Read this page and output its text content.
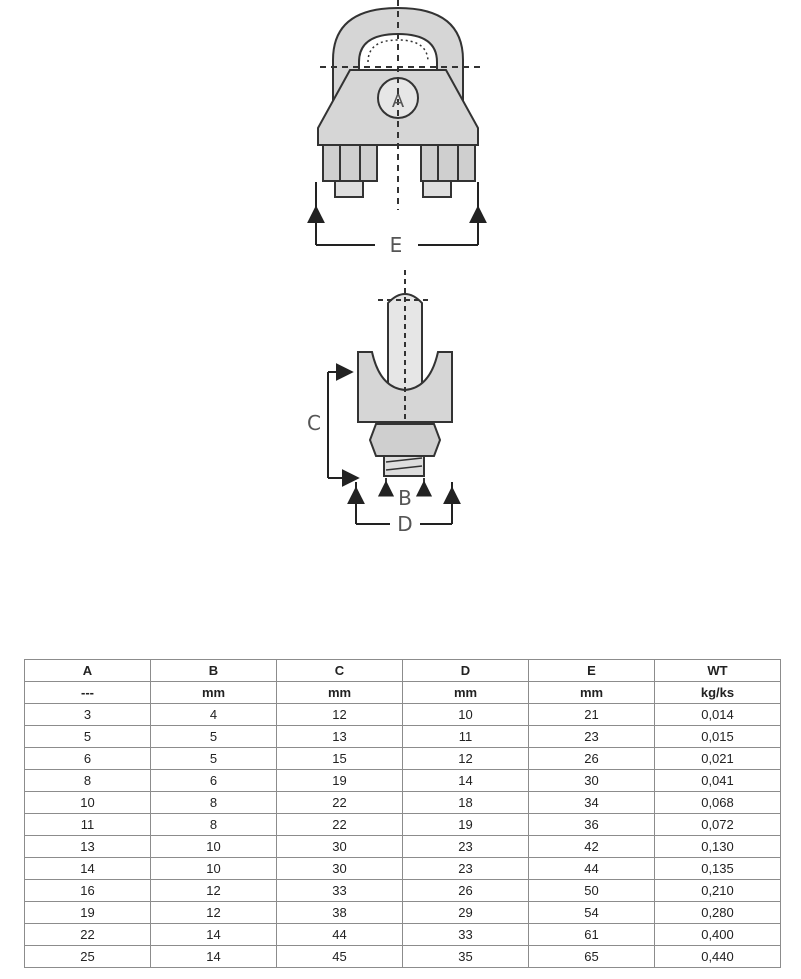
E
C
B
D
A
A	B	C	D	E	WT
---	mm	mm	mm	mm	kg/ks
3	4	12	10	21	0,014
5	5	13	11	23	0,015
6	5	15	12	26	0,021
8	6	19	14	30	0,041
10	8	22	18	34	0,068
11	8	22	19	36	0,072
13	10	30	23	42	0,130
14	10	30	23	44	0,135
16	12	33	26	50	0,210
19	12	38	29	54	0,280
22	14	44	33	61	0,400
25	14	45	35	65	0,440
